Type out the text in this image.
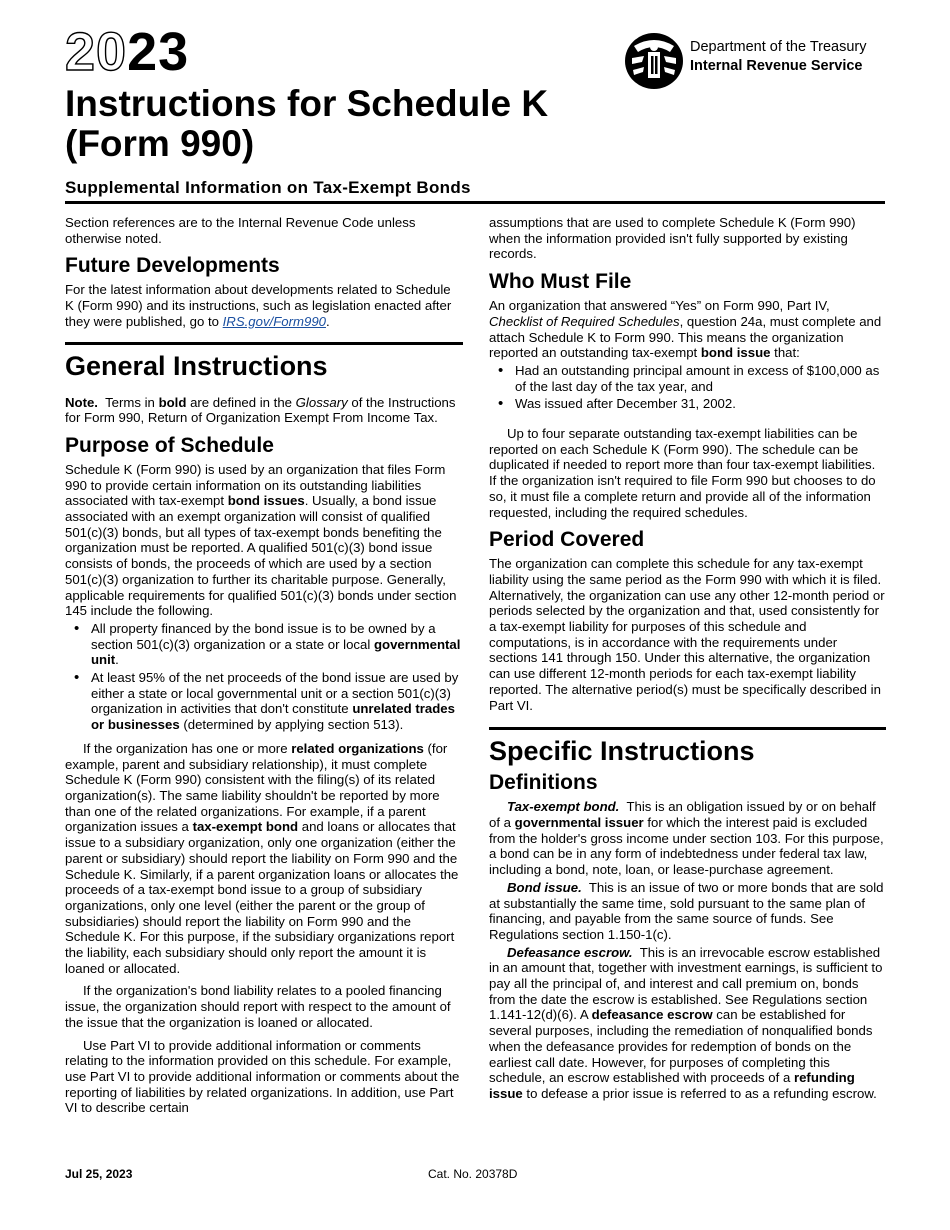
2023
Instructions for Schedule K
(Form 990)
Supplemental Information on Tax-Exempt Bonds
Department of the Treasury
Internal Revenue Service

Section references are to the Internal Revenue Code unless otherwise noted.

Future Developments

For the latest information about developments related to Schedule K (Form 990) and its instructions, such as legislation enacted after they were published, go to IRS.gov/Form990.

General Instructions

Note. Terms in bold are defined in the Glossary of the Instructions for Form 990, Return of Organization Exempt From Income Tax.

Purpose of Schedule

Schedule K (Form 990) is used by an organization that files Form 990 to provide certain information on its outstanding liabilities associated with tax-exempt bond issues. Usually, a bond issue associated with an exempt organization will consist of qualified 501(c)(3) bonds, but all types of tax-exempt bonds benefiting the organization must be reported. A qualified 501(c)(3) bond issue consists of bonds, the proceeds of which are used by a section 501(c)(3) organization to further its charitable purpose. Generally, applicable requirements for qualified 501(c)(3) bonds under section 145 include the following.

• All property financed by the bond issue is to be owned by a section 501(c)(3) organization or a state or local governmental unit.
• At least 95% of the net proceeds of the bond issue are used by either a state or local governmental unit or a section 501(c)(3) organization in activities that don't constitute unrelated trades or businesses (determined by applying section 513).

If the organization has one or more related organizations (for example, parent and subsidiary relationship), it must complete Schedule K (Form 990) consistent with the filing(s) of its related organization(s). The same liability shouldn't be reported by more than one of the related organizations. For example, if a parent organization issues a tax-exempt bond and loans or allocates that issue to a subsidiary organization, only one organization (either the parent or subsidiary) should report the liability on Form 990 and the Schedule K. Similarly, if a parent organization loans or allocates the proceeds of a tax-exempt bond issue to a group of subsidiary organizations, only one level (either the parent or the group of subsidiaries) should report the liability on Form 990 and the Schedule K. For this purpose, if the subsidiary organizations report the liability, each subsidiary should only report the amount it is loaned or allocated.

If the organization's bond liability relates to a pooled financing issue, the organization should report with respect to the amount of the issue that the organization is loaned or allocated.

Use Part VI to provide additional information or comments relating to the information provided on this schedule. For example, use Part VI to provide additional information or comments about the reporting of liabilities by related organizations. In addition, use Part VI to describe certain

assumptions that are used to complete Schedule K (Form 990) when the information provided isn't fully supported by existing records.

Who Must File

An organization that answered “Yes” on Form 990, Part IV, Checklist of Required Schedules, question 24a, must complete and attach Schedule K to Form 990. This means the organization reported an outstanding tax-exempt bond issue that:

• Had an outstanding principal amount in excess of $100,000 as of the last day of the tax year, and
• Was issued after December 31, 2002.

Up to four separate outstanding tax-exempt liabilities can be reported on each Schedule K (Form 990). The schedule can be duplicated if needed to report more than four tax-exempt liabilities. If the organization isn't required to file Form 990 but chooses to do so, it must file a complete return and provide all of the information requested, including the required schedules.

Period Covered

The organization can complete this schedule for any tax-exempt liability using the same period as the Form 990 with which it is filed. Alternatively, the organization can use any other 12-month period or periods selected by the organization and that, used consistently for a tax-exempt liability for purposes of this schedule and computations, is in accordance with the requirements under sections 141 through 150. Under this alternative, the organization can use different 12-month periods for each tax-exempt liability reported. The alternative period(s) must be specifically described in Part VI.

Specific Instructions
Definitions

Tax-exempt bond. This is an obligation issued by or on behalf of a governmental issuer for which the interest paid is excluded from the holder's gross income under section 103. For this purpose, a bond can be in any form of indebtedness under federal tax law, including a bond, note, loan, or lease-purchase agreement.

Bond issue. This is an issue of two or more bonds that are sold at substantially the same time, sold pursuant to the same plan of financing, and payable from the same source of funds. See Regulations section 1.150-1(c).

Defeasance escrow. This is an irrevocable escrow established in an amount that, together with investment earnings, is sufficient to pay all the principal of, and interest and call premium on, bonds from the date the escrow is established. See Regulations section 1.141-12(d)(6). A defeasance escrow can be established for several purposes, including the remediation of nonqualified bonds when the defeasance provides for redemption of bonds on the earliest call date. However, for purposes of completing this schedule, an escrow established with proceeds of a refunding issue to defease a prior issue is referred to as a refunding escrow.

Jul 25, 2023	Cat. No. 20378D
